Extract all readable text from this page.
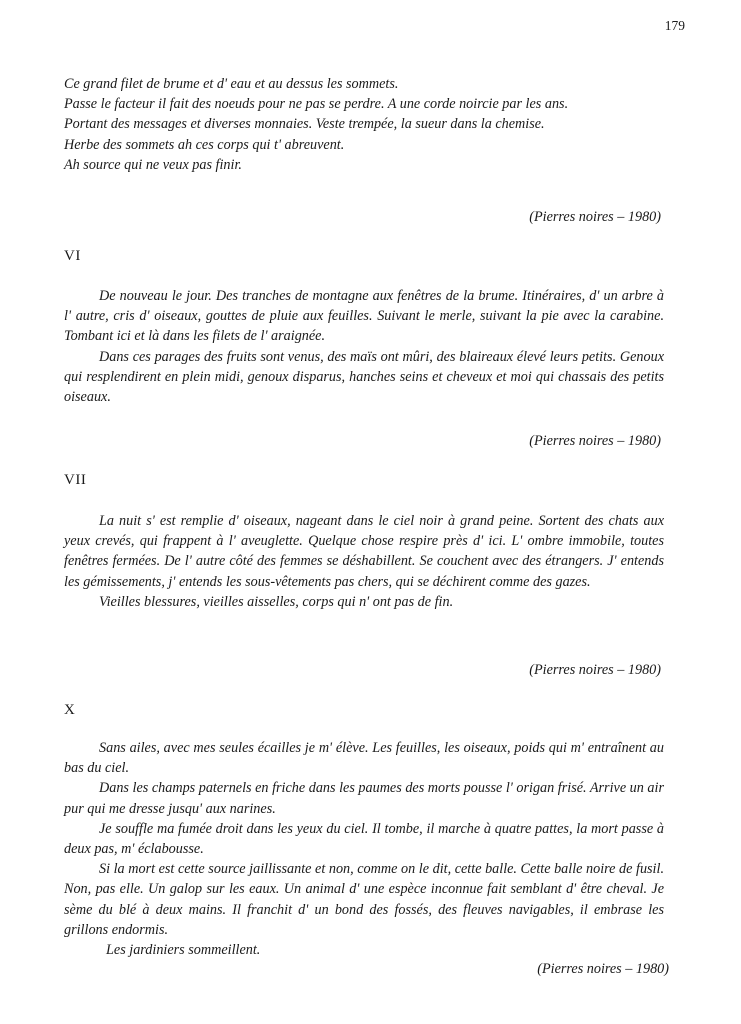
179
Ce grand filet de brume et d' eau et au dessus les sommets.
Passe le facteur il fait des noeuds pour ne pas se perdre. A une corde noircie par les ans.
Portant des messages et diverses monnaies. Veste trempée, la sueur dans la chemise.
Herbe des sommets ah ces corps qui t' abreuvent.
Ah source qui ne veux pas finir.
(Pierres noires – 1980)
VI

De nouveau le jour. Des tranches de montagne aux fenêtres de la brume. Itinéraires, d' un arbre à l' autre, cris d' oiseaux, gouttes de pluie aux feuilles. Suivant le merle, suivant la pie avec la carabine. Tombant ici et là dans les filets de l' araignée.

Dans ces parages des fruits sont venus, des maïs ont mûri, des blaireaux élevé leurs petits. Genoux qui resplendirent en plein midi, genoux disparus, hanches seins et cheveux et moi qui chassais des petits oiseaux.

(Pierres noires – 1980)
VII

La nuit s' est remplie d' oiseaux, nageant dans le ciel noir à grand peine. Sortent des chats aux yeux crevés, qui frappent à l' aveuglette. Quelque chose respire près d' ici. L' ombre immobile, toutes fenêtres fermées. De l' autre côté des femmes se déshabillent. Se couchent avec des étrangers. J' entends les gémissements, j' entends les sous-vêtements pas chers, qui se déchirent comme des gazes.

Vieilles blessures, vieilles aisselles, corps qui n' ont pas de fin.

(Pierres noires – 1980)
X

Sans ailes, avec mes seules écailles je m' élève. Les feuilles, les oiseaux, poids qui m' entraînent au bas du ciel.

Dans les champs paternels en friche dans les paumes des morts pousse l' origan frisé. Arrive un air pur qui me dresse jusqu' aux narines.

Je souffle ma fumée droit dans les yeux du ciel. Il tombe, il marche à quatre pattes, la mort passe à deux pas, m' éclabousse.

Si la mort est cette source jaillissante et non, comme on le dit, cette balle. Cette balle noire de fusil. Non, pas elle. Un galop sur les eaux. Un animal d' une espèce inconnue fait semblant d' être cheval. Je sème du blé à deux mains. Il franchit d' un bond des fossés, des fleuves navigables, il embrase les grillons endormis.

Les jardiniers sommeillent.

(Pierres noires – 1980)
